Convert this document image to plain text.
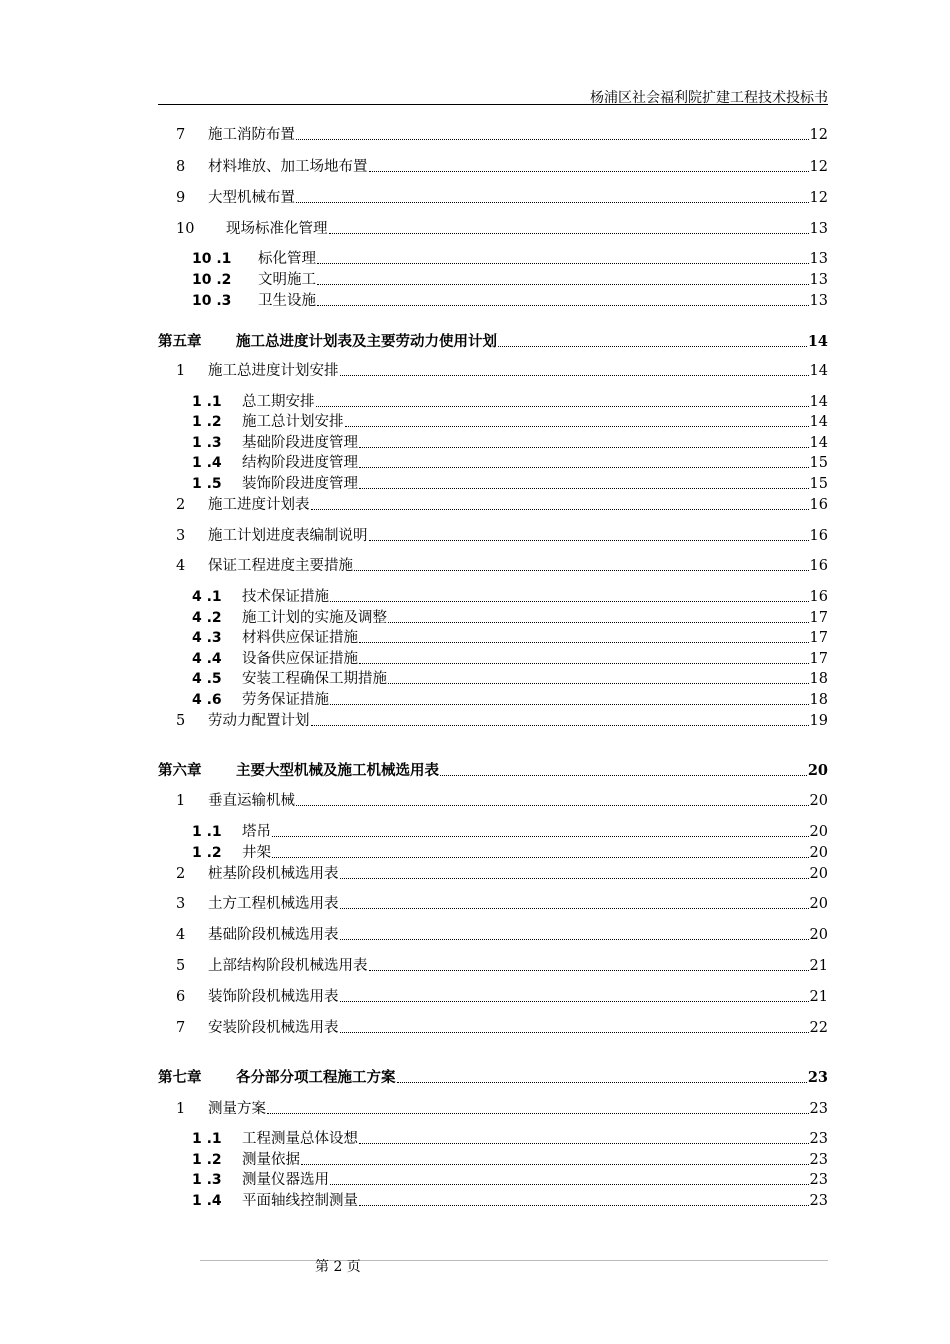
杨浦区社会福利院扩建工程技术投标书
7	施工消防布置	12
8	材料堆放、加工场地布置	12
9	大型机械布置	12
10	现场标准化管理	13
10 .1	标化管理	13
10 .2	文明施工	13
10 .3	卫生设施	13
第五章	施工总进度计划表及主要劳动力使用计划	14
1	施工总进度计划安排	14
1 .1	总工期安排	14
1 .2	施工总计划安排	14
1 .3	基础阶段进度管理	14
1 .4	结构阶段进度管理	15
1 .5	装饰阶段进度管理	15
2	施工进度计划表	16
3	施工计划进度表编制说明	16
4	保证工程进度主要措施	16
4 .1	技术保证措施	16
4 .2	施工计划的实施及调整	17
4 .3	材料供应保证措施	17
4 .4	设备供应保证措施	17
4 .5	安装工程确保工期措施	18
4 .6	劳务保证措施	18
5	劳动力配置计划	19
第六章	主要大型机械及施工机械选用表	20
1	垂直运输机械	20
1 .1	塔吊	20
1 .2	井架	20
2	桩基阶段机械选用表	20
3	土方工程机械选用表	20
4	基础阶段机械选用表	20
5	上部结构阶段机械选用表	21
6	装饰阶段机械选用表	21
7	安装阶段机械选用表	22
第七章	各分部分项工程施工方案	23
1	测量方案	23
1 .1	工程测量总体设想	23
1 .2	测量依据	23
1 .3	测量仪器选用	23
1 .4	平面轴线控制测量	23
第 2 页
